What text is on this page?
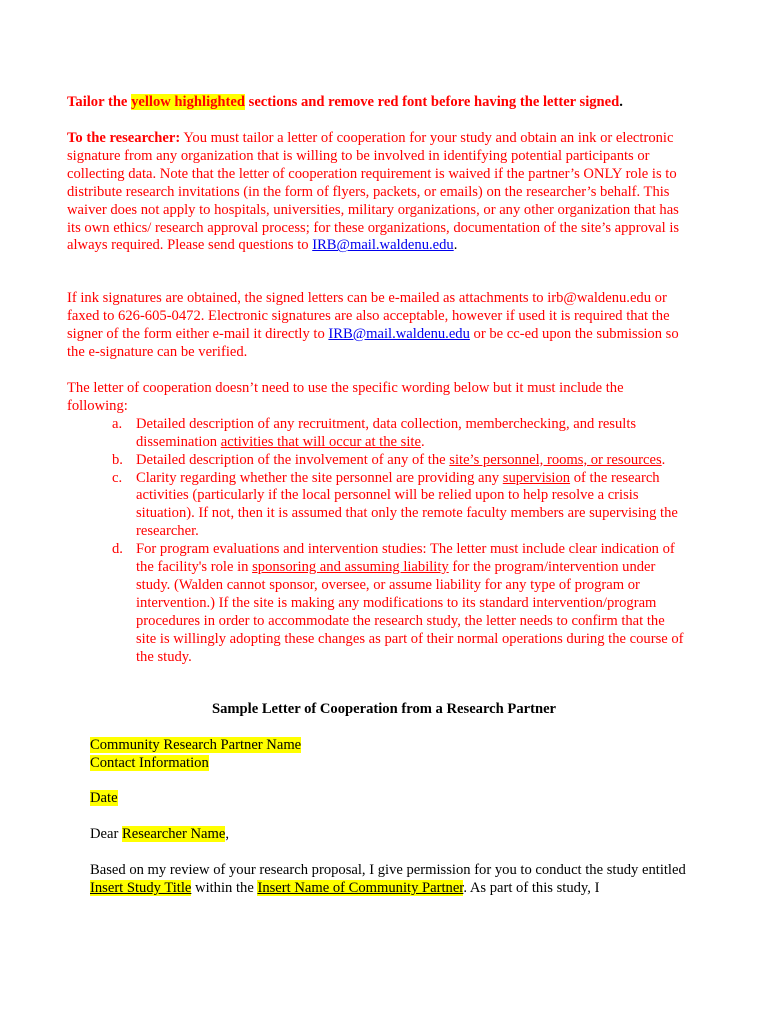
Tailor the yellow highlighted sections and remove red font before having the letter signed.
To the researcher: You must tailor a letter of cooperation for your study and obtain an ink or electronic signature from any organization that is willing to be involved in identifying potential participants or collecting data. Note that the letter of cooperation requirement is waived if the partner’s ONLY role is to distribute research invitations (in the form of flyers, packets, or emails) on the researcher’s behalf. This waiver does not apply to hospitals, universities, military organizations, or any other organization that has its own ethics/ research approval process; for these organizations, documentation of the site’s approval is always required. Please send questions to IRB@mail.waldenu.edu.
If ink signatures are obtained, the signed letters can be e-mailed as attachments to irb@waldenu.edu or faxed to 626-605-0472. Electronic signatures are also acceptable, however if used it is required that the signer of the form either e-mail it directly to IRB@mail.waldenu.edu or be cc-ed upon the submission so the e-signature can be verified.
The letter of cooperation doesn’t need to use the specific wording below but it must include the following:
a. Detailed description of any recruitment, data collection, memberchecking, and results dissemination activities that will occur at the site.
b. Detailed description of the involvement of any of the site’s personnel, rooms, or resources.
c. Clarity regarding whether the site personnel are providing any supervision of the research activities (particularly if the local personnel will be relied upon to help resolve a crisis situation). If not, then it is assumed that only the remote faculty members are supervising the researcher.
d. For program evaluations and intervention studies: The letter must include clear indication of the facility's role in sponsoring and assuming liability for the program/intervention under study. (Walden cannot sponsor, oversee, or assume liability for any type of program or intervention.) If the site is making any modifications to its standard intervention/program procedures in order to accommodate the research study, the letter needs to confirm that the site is willingly adopting these changes as part of their normal operations during the course of the study.
Sample Letter of Cooperation from a Research Partner
Community Research Partner Name
Contact Information
Date
Dear Researcher Name,
Based on my review of your research proposal, I give permission for you to conduct the study entitled Insert Study Title within the Insert Name of Community Partner. As part of this study, I
